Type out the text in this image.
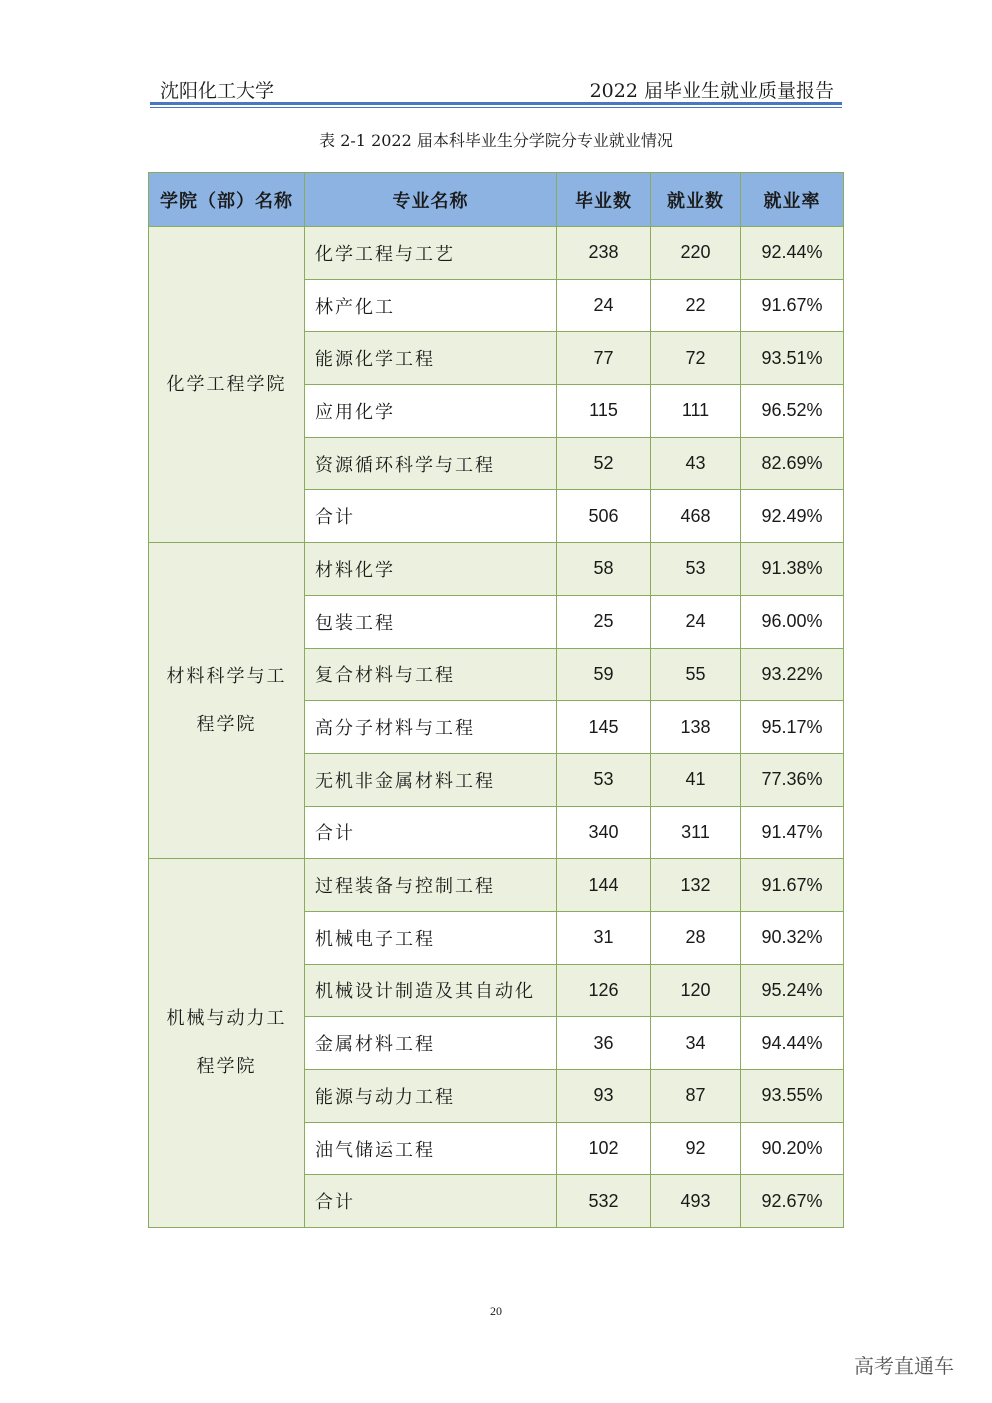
沈阳化工大学	2022 届毕业生就业质量报告
表 2-1 2022 届本科毕业生分学院分专业就业情况
学院（部）名称	专业名称	毕业数	就业数	就业率
化学工程学院	化学工程与工艺	238	220	92.44%
	林产化工	24	22	91.67%
	能源化学工程	77	72	93.51%
	应用化学	115	111	96.52%
	资源循环科学与工程	52	43	82.69%
	合计	506	468	92.49%
材料科学与工程学院	材料化学	58	53	91.38%
	包装工程	25	24	96.00%
	复合材料与工程	59	55	93.22%
	高分子材料与工程	145	138	95.17%
	无机非金属材料工程	53	41	77.36%
	合计	340	311	91.47%
机械与动力工程学院	过程装备与控制工程	144	132	91.67%
	机械电子工程	31	28	90.32%
	机械设计制造及其自动化	126	120	95.24%
	金属材料工程	36	34	94.44%
	能源与动力工程	93	87	93.55%
	油气储运工程	102	92	90.20%
	合计	532	493	92.67%
20
高考直通车
